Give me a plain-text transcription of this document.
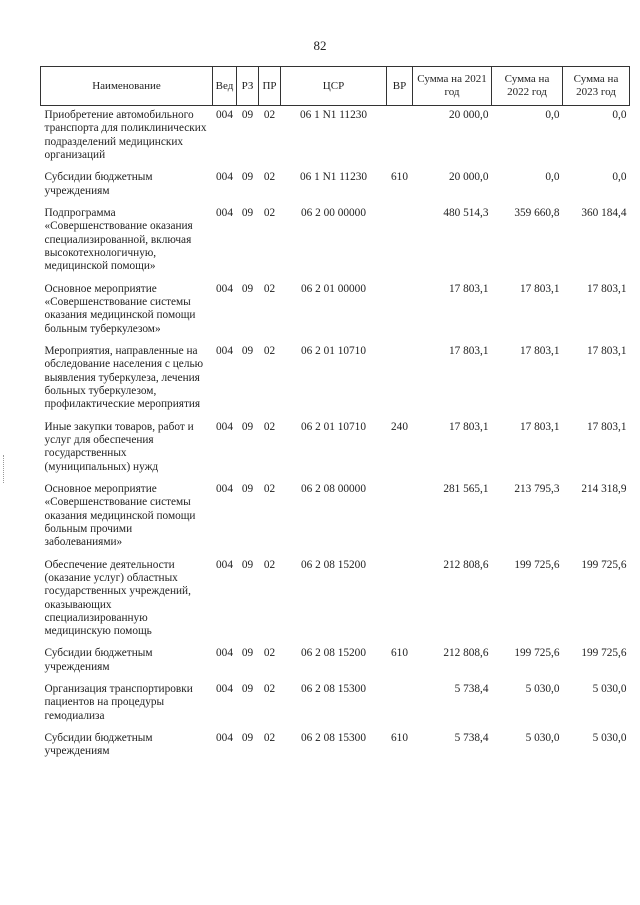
82
Наименование	Вед	РЗ	ПР	ЦСР	ВР	Сумма на 2021 год	Сумма на 2022 год	Сумма на 2023 год
Приобретение автомобильного транспорта для поликлинических подразделений медицинских организаций	004	09	02	06 1 N1 11230		20 000,0	0,0	0,0
Субсидии бюджетным учреждениям	004	09	02	06 1 N1 11230	610	20 000,0	0,0	0,0
Подпрограмма «Совершенствование оказания специализированной, включая высокотехнологичную, медицинской помощи»	004	09	02	06 2 00 00000		480 514,3	359 660,8	360 184,4
Основное мероприятие «Совершенствование системы оказания медицинской помощи больным туберкулезом»	004	09	02	06 2 01 00000		17 803,1	17 803,1	17 803,1
Мероприятия, направленные на обследование населения с целью выявления туберкулеза, лечения больных туберкулезом, профилактические мероприятия	004	09	02	06 2 01 10710		17 803,1	17 803,1	17 803,1
Иные закупки товаров, работ и услуг для обеспечения государственных (муниципальных) нужд	004	09	02	06 2 01 10710	240	17 803,1	17 803,1	17 803,1
Основное мероприятие «Совершенствование системы оказания медицинской помощи больным прочими заболеваниями»	004	09	02	06 2 08 00000		281 565,1	213 795,3	214 318,9
Обеспечение деятельности (оказание услуг) областных государственных учреждений, оказывающих специализированную медицинскую помощь	004	09	02	06 2 08 15200		212 808,6	199 725,6	199 725,6
Субсидии бюджетным учреждениям	004	09	02	06 2 08 15200	610	212 808,6	199 725,6	199 725,6
Организация транспортировки пациентов на процедуры гемодиализа	004	09	02	06 2 08 15300		5 738,4	5 030,0	5 030,0
Субсидии бюджетным учреждениям	004	09	02	06 2 08 15300	610	5 738,4	5 030,0	5 030,0
